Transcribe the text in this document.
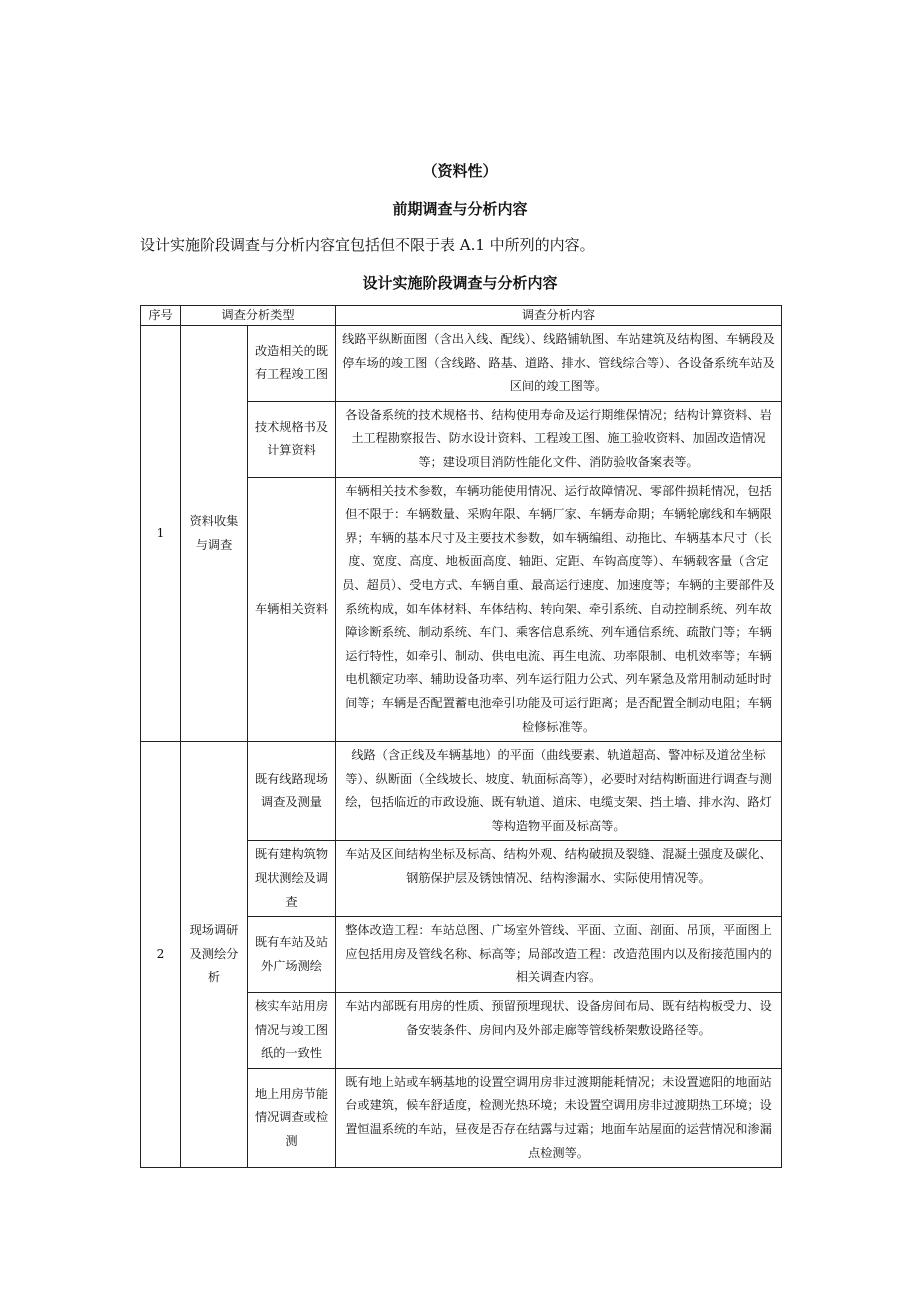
（资料性）
前期调查与分析内容
设计实施阶段调查与分析内容宜包括但不限于表 A.1 中所列的内容。
设计实施阶段调查与分析内容
序号	调查分析类型		调查分析内容
1	资料收集与调查	改造相关的既有工程竣工图	线路平纵断面图（含出入线、配线）、线路铺轨图、车站建筑及结构图、车辆段及停车场的竣工图（含线路、路基、道路、排水、管线综合等）、各设备系统车站及区间的竣工图等。
		技术规格书及计算资料	各设备系统的技术规格书、结构使用寿命及运行期维保情况；结构计算资料、岩土工程勘察报告、防水设计资料、工程竣工图、施工验收资料、加固改造情况等；建设项目消防性能化文件、消防验收备案表等。
		车辆相关资料	车辆相关技术参数，车辆功能使用情况、运行故障情况、零部件损耗情况，包括但不限于：车辆数量、采购年限、车辆厂家、车辆寿命期；车辆轮廓线和车辆限界；车辆的基本尺寸及主要技术参数，如车辆编组、动拖比、车辆基本尺寸（长度、宽度、高度、地板面高度、轴距、定距、车钩高度等）、车辆载客量（含定员、超员）、受电方式、车辆自重、最高运行速度、加速度等；车辆的主要部件及系统构成，如车体材料、车体结构、转向架、牵引系统、自动控制系统、列车故障诊断系统、制动系统、车门、乘客信息系统、列车通信系统、疏散门等；车辆运行特性，如牵引、制动、供电电流、再生电流、功率限制、电机效率等；车辆电机额定功率、辅助设备功率、列车运行阻力公式、列车紧急及常用制动延时时间等；车辆是否配置蓄电池牵引功能及可运行距离；是否配置全制动电阻；车辆检修标准等。
2	现场调研及测绘分析	既有线路现场调查及测量	线路（含正线及车辆基地）的平面（曲线要素、轨道超高、警冲标及道岔坐标等）、纵断面（全线坡长、坡度、轨面标高等），必要时对结构断面进行调查与测绘，包括临近的市政设施、既有轨道、道床、电缆支架、挡土墙、排水沟、路灯等构造物平面及标高等。
		既有建构筑物现状测绘及调查	车站及区间结构坐标及标高、结构外观、结构破损及裂缝、混凝土强度及碳化、钢筋保护层及锈蚀情况、结构渗漏水、实际使用情况等。
		既有车站及站外广场测绘	整体改造工程：车站总图、广场室外管线、平面、立面、剖面、吊顶，平面图上应包括用房及管线名称、标高等；局部改造工程：改造范围内以及衔接范围内的相关调查内容。
		核实车站用房情况与竣工图纸的一致性	车站内部既有用房的性质、预留预埋现状、设备房间布局、既有结构板受力、设备安装条件、房间内及外部走廊等管线桥架敷设路径等。
		地上用房节能情况调查或检测	既有地上站或车辆基地的设置空调用房非过渡期能耗情况；未设置遮阳的地面站台或建筑，候车舒适度，检测光热环境；未设置空调用房非过渡期热工环境；设置恒温系统的车站，昼夜是否存在结露与过霜；地面车站屋面的运营情况和渗漏点检测等。
